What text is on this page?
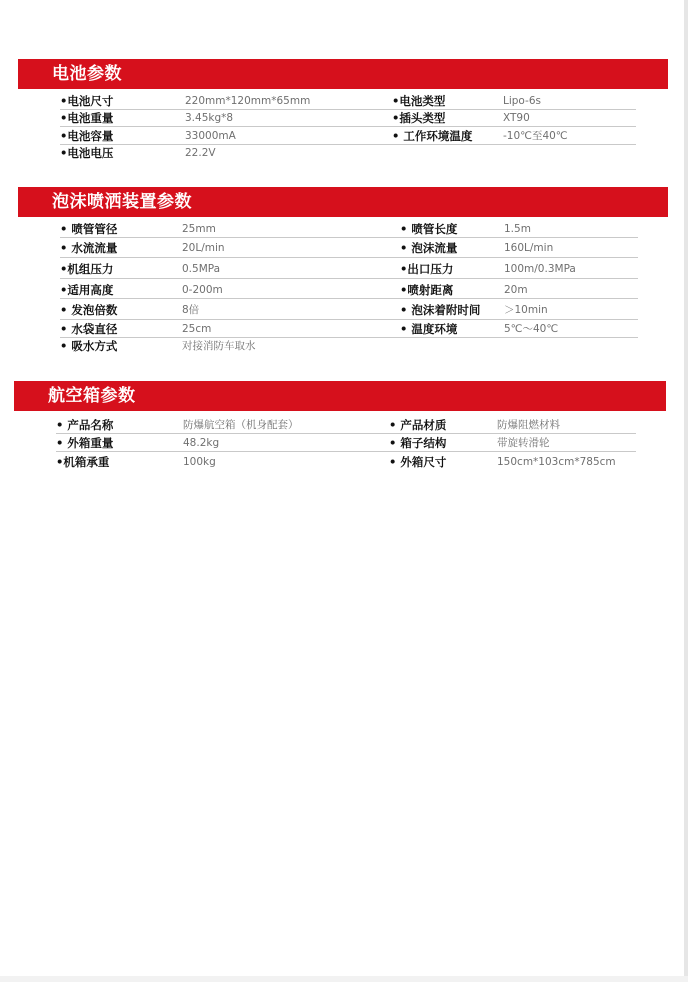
电池参数
•电池尺寸	220mm*120mm*65mm	•电池类型	Lipo-6s
•电池重量	3.45kg*8	•插头类型	XT90
•电池容量	33000mA	• 工作环境温度	-10℃至40℃
•电池电压	22.2V
泡沫喷洒装置参数
• 喷管管径	25mm	• 喷管长度	1.5m
• 水流流量	20L/min	• 泡沫流量	160L/min
•机组压力	0.5MPa	•出口压力	100m/0.3MPa
•适用高度	0-200m	•喷射距离	20m
• 发泡倍数	8倍	• 泡沫着附时间 ＞10min
• 水袋直径	25cm	• 温度环境	5℃～40℃
• 吸水方式	对接消防车取水
航空箱参数
• 产品名称	防爆航空箱（机身配套）	• 产品材质	防爆阻燃材料
• 外箱重量	48.2kg	• 箱子结构	带旋转滑轮
•机箱承重	100kg	• 外箱尺寸	150cm*103cm*785cm
